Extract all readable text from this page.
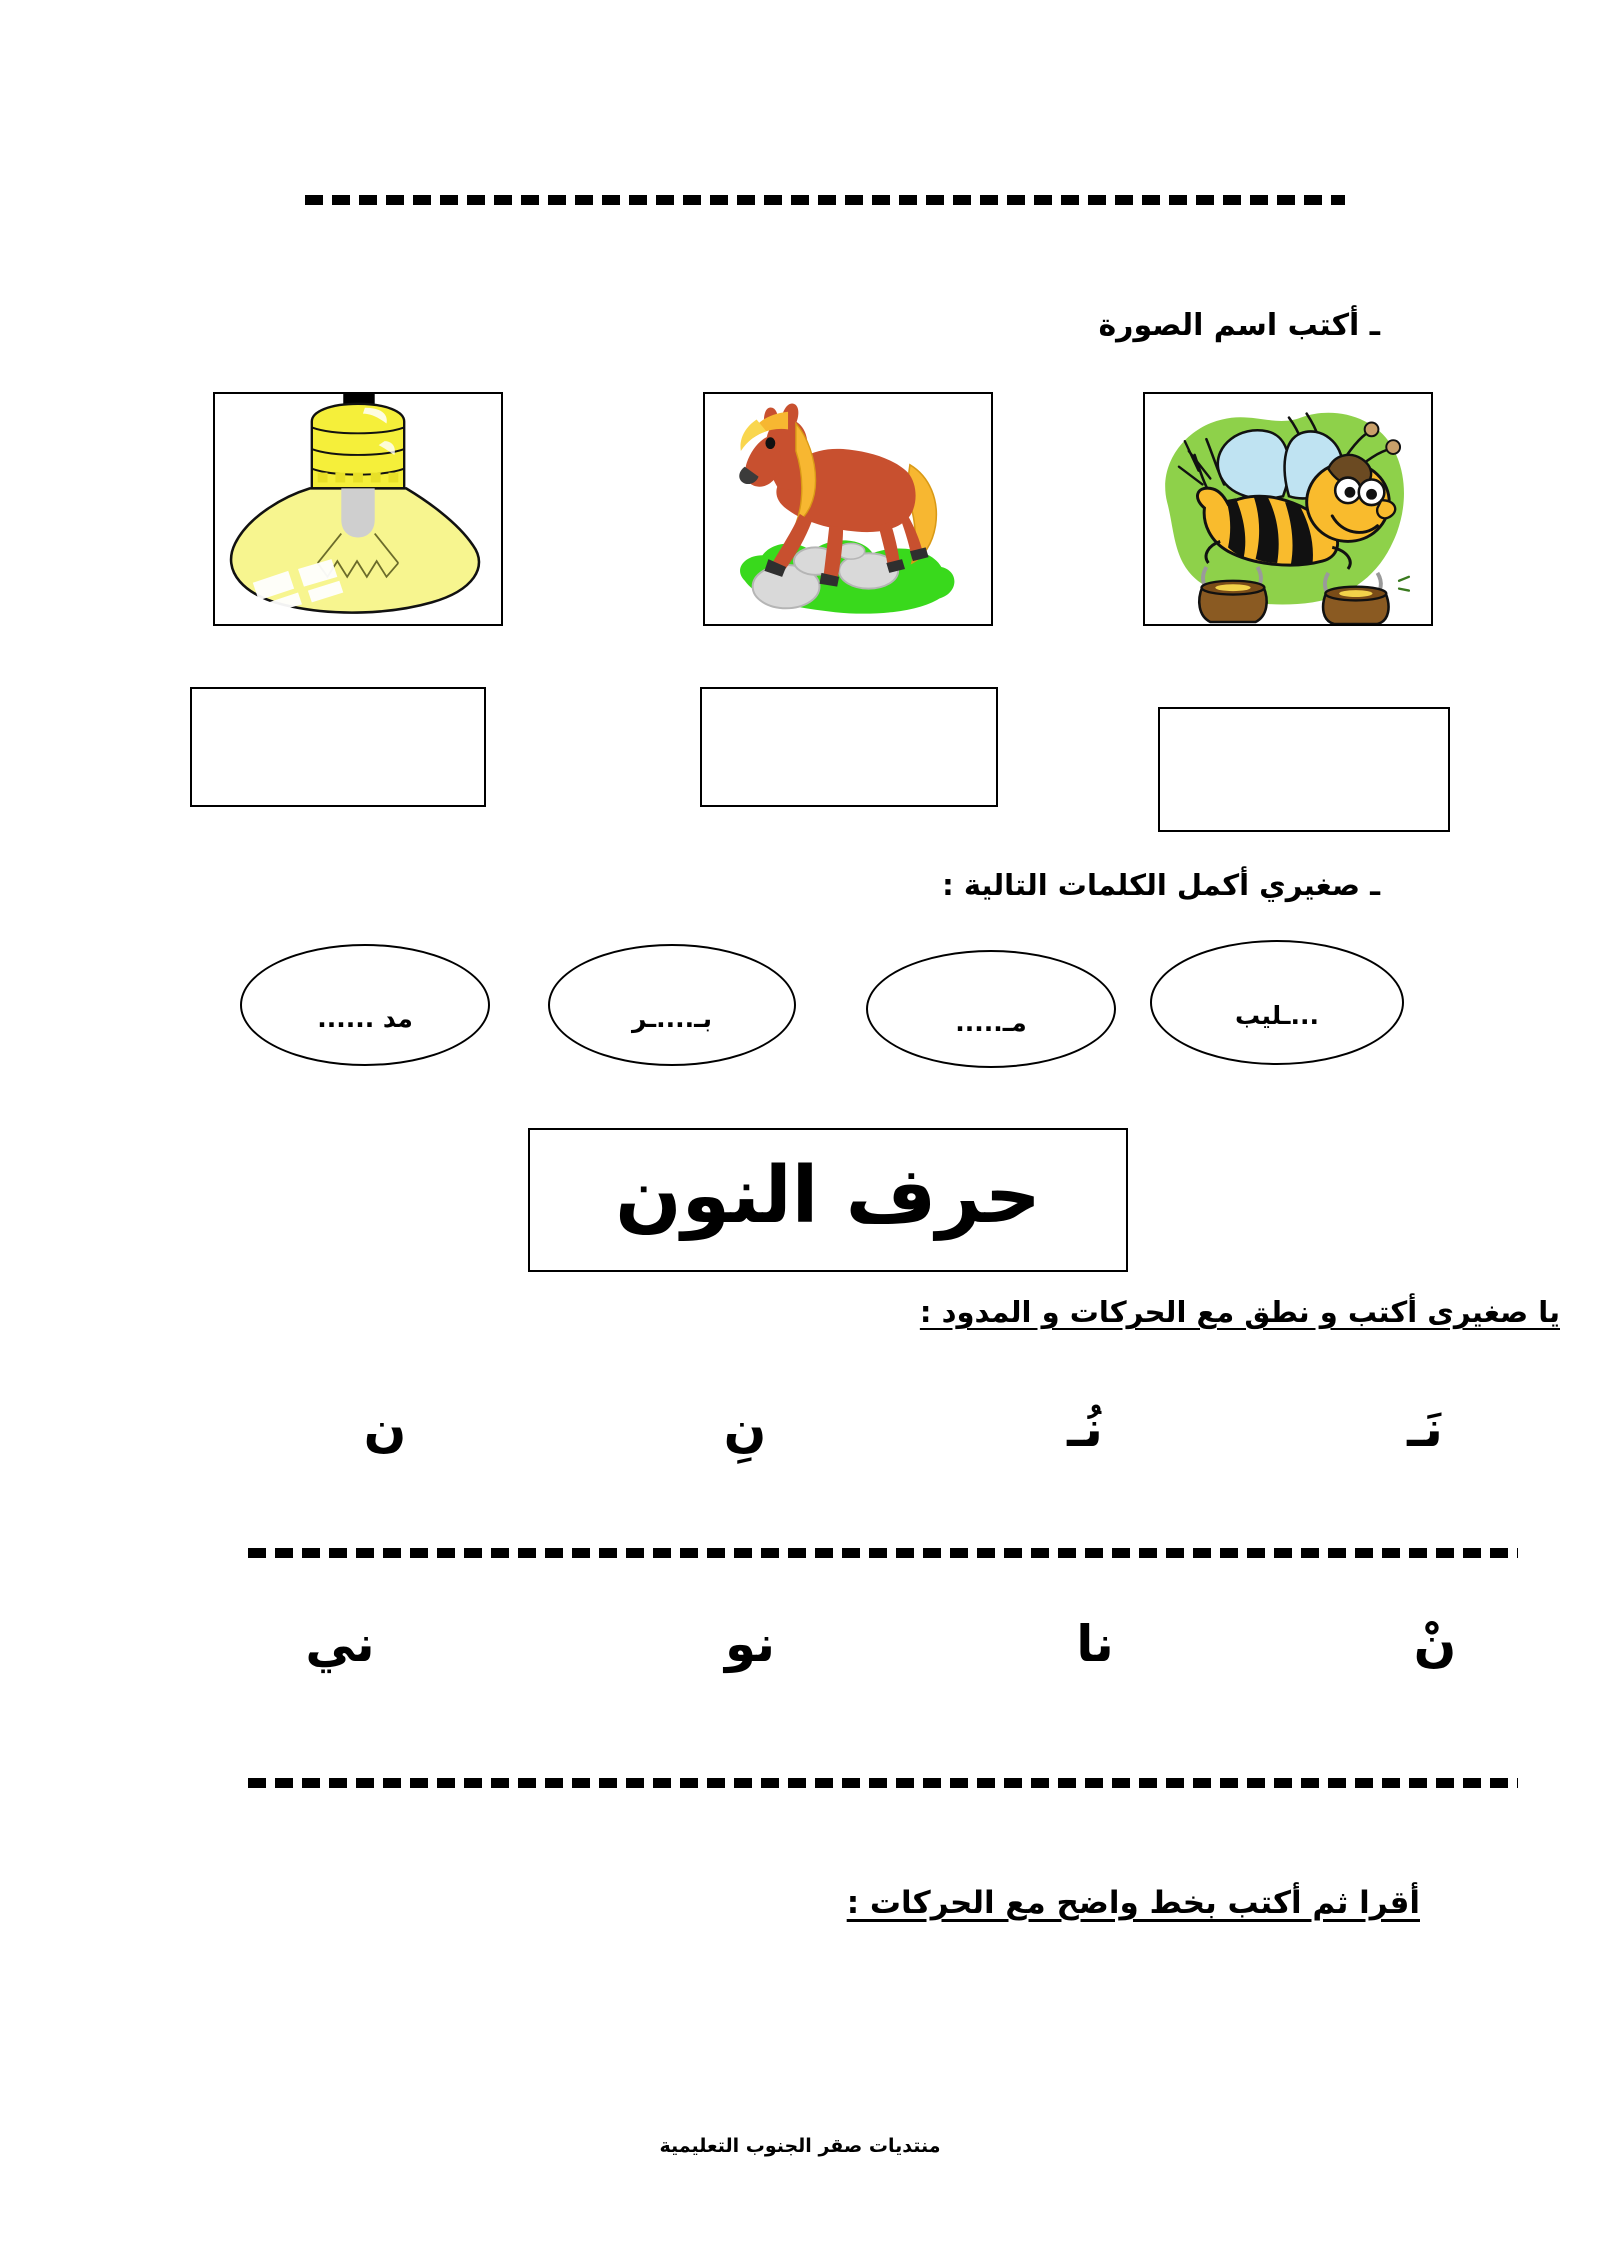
ـ أكتب اسم الصورة
ـ صغيري أكمل الكلمات التالية :
...ـليب
مـ.....
بـ....ـر
مد ......
حرف النون
يا صغيرى أكتب و نطق مع الحركات و المدود :
نَـ
نُـ
نِ
ن
نْ
نا
نو
ني
أقرا ثم أكتب بخط واضح مع الحركات :
منتديات صقر الجنوب التعليمية
